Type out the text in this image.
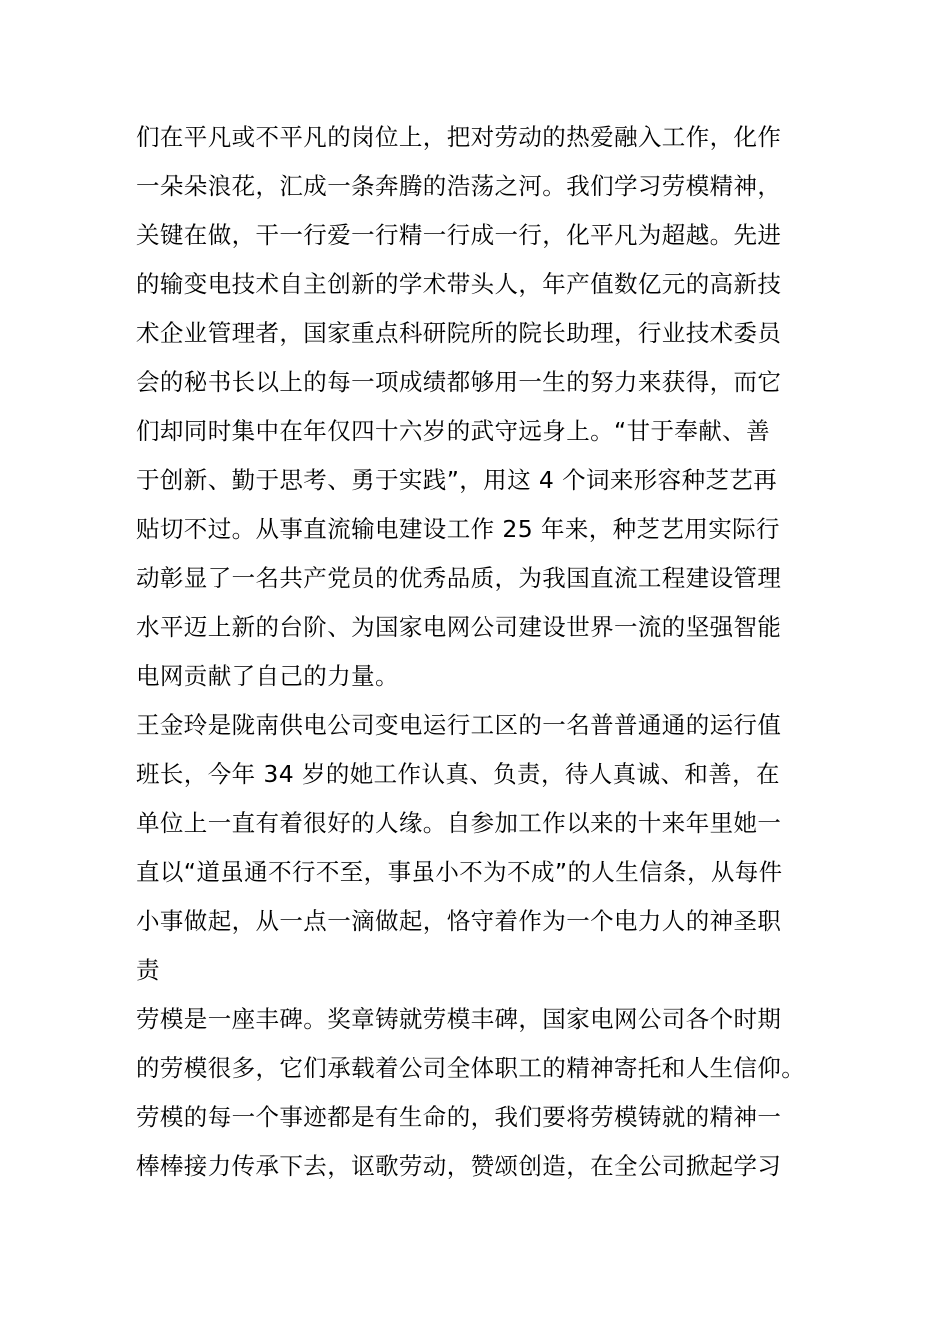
们在平凡或不平凡的岗位上，把对劳动的热爱融入工作，化作
一朵朵浪花，汇成一条奔腾的浩荡之河。我们学习劳模精神，
关键在做，干一行爱一行精一行成一行，化平凡为超越。先进
的输变电技术自主创新的学术带头人，年产值数亿元的高新技
术企业管理者，国家重点科研院所的院长助理，行业技术委员
会的秘书长以上的每一项成绩都够用一生的努力来获得，而它
们却同时集中在年仅四十六岁的武守远身上。“甘于奉献、善
于创新、勤于思考、勇于实践”，用这 4 个词来形容种芝艺再
贴切不过。从事直流输电建设工作 25 年来，种芝艺用实际行
动彰显了一名共产党员的优秀品质，为我国直流工程建设管理
水平迈上新的台阶、为国家电网公司建设世界一流的坚强智能
电网贡献了自己的力量。
王金玲是陇南供电公司变电运行工区的一名普普通通的运行值
班长，今年 34 岁的她工作认真、负责，待人真诚、和善，在
单位上一直有着很好的人缘。自参加工作以来的十来年里她一
直以“道虽通不行不至，事虽小不为不成”的人生信条，从每件
小事做起，从一点一滴做起，恪守着作为一个电力人的神圣职
责
劳模是一座丰碑。奖章铸就劳模丰碑，国家电网公司各个时期
的劳模很多，它们承载着公司全体职工的精神寄托和人生信仰。
劳模的每一个事迹都是有生命的，我们要将劳模铸就的精神一
棒棒接力传承下去，讴歌劳动，赞颂创造，在全公司掀起学习
